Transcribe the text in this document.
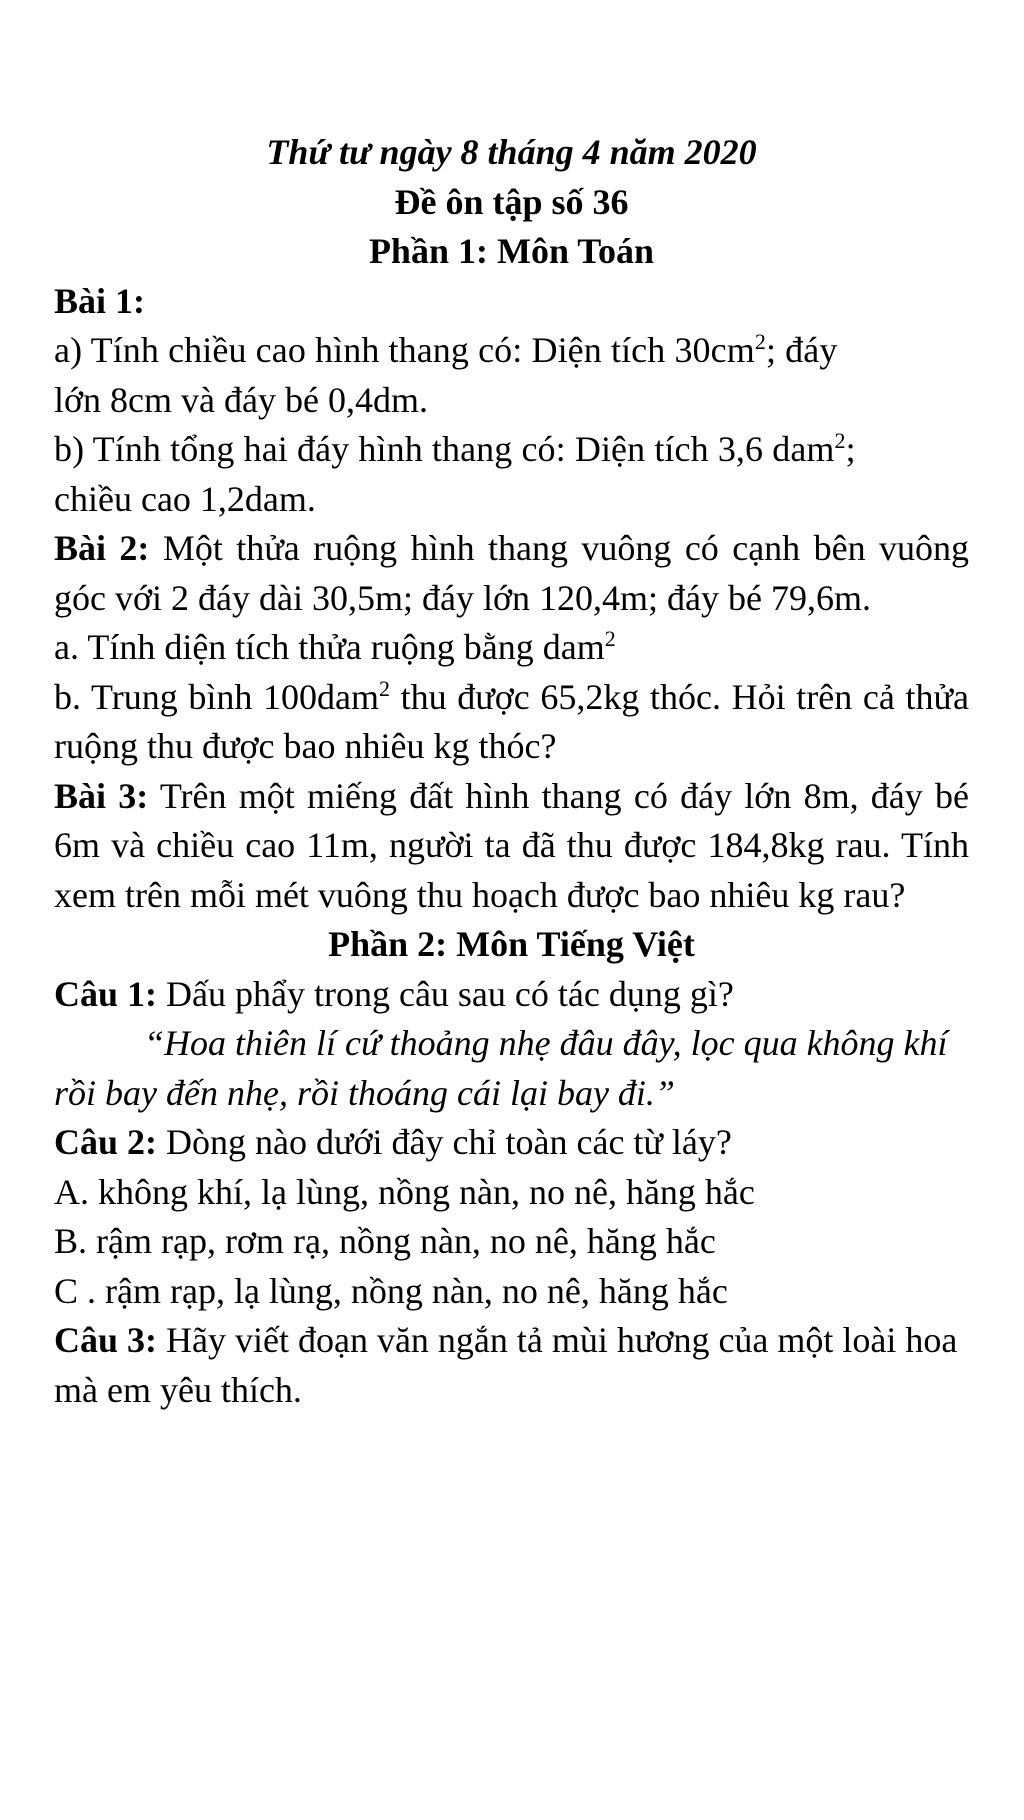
Thứ tư ngày 8 tháng 4 năm 2020
Đề ôn tập số 36
Phần 1: Môn Toán
Bài 1:
a) Tính chiều cao hình thang có: Diện tích $30cm^2$; đáy
lớn 8cm và đáy bé 0,4dm.
b) Tính tổng hai đáy hình thang có: Diện tích 3,6 dam$^2$;
chiều cao 1,2dam.
Bài 2: Một thửa ruộng hình thang vuông có cạnh bên vuông góc với 2 đáy dài 30,5m; đáy lớn 120,4m; đáy bé 79,6m.
a. Tính diện tích thửa ruộng bằng dam$^2$
b. Trung bình 100dam$^2$ thu được 65,2kg thóc. Hỏi trên cả thửa ruộng thu được bao nhiêu kg thóc?
Bài 3: Trên một miếng đất hình thang có đáy lớn 8m, đáy bé 6m và chiều cao 11m, người ta đã thu được 184,8kg rau. Tính xem trên mỗi mét vuông thu hoạch được bao nhiêu kg rau?
Phần 2: Môn Tiếng Việt
Câu 1: Dấu phẩy trong câu sau có tác dụng gì?
“Hoa thiên lí cứ thoảng nhẹ đâu đây, lọc qua không khí rồi bay đến nhẹ, rồi thoáng cái lại bay đi.”
Câu 2: Dòng nào dưới đây chỉ toàn các từ láy?
A. không khí, lạ lùng, nồng nàn, no nê, hăng hắc
B. rậm rạp, rơm rạ, nồng nàn, no nê, hăng hắc
C . rậm rạp, lạ lùng, nồng nàn, no nê, hăng hắc
Câu 3: Hãy viết đoạn văn ngắn tả mùi hương của một loài hoa mà em yêu thích.
